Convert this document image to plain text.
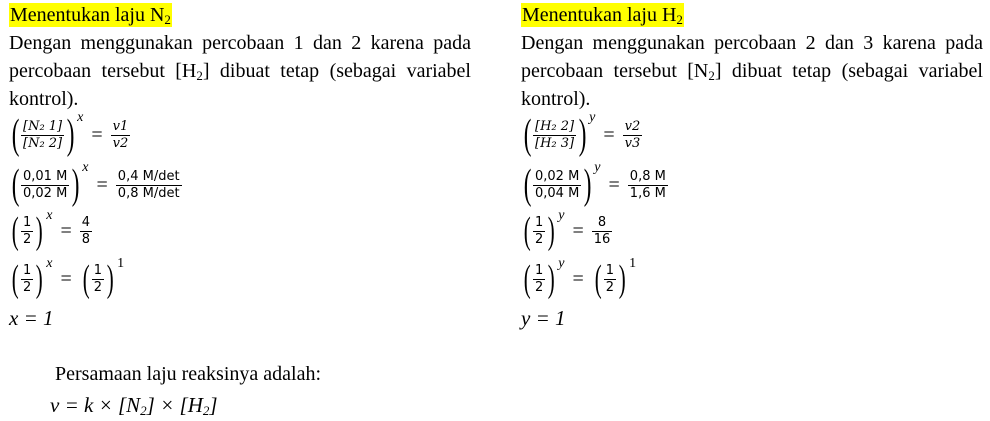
Menentukan laju $N_2$

Dengan menggunakan percobaan 1 dan 2 karena pada percobaan tersebut $[H_2]$ dibuat tetap (sebagai variabel kontrol).

( $\frac{\text{[N₂ 1]}}{\text{[N₂ 2]}}$ ) x
= $\frac{v1}{v2}$
( $\frac{0,01 M}{0,02 M}$ ) x
= $\frac{0,4 M/\det}{0,8 M/\det}$
( $\frac{1}{2}$ ) x
= $\frac{4}{8}$
( $\frac{1}{2}$ ) x
= ( $\frac{1}{2}$ ) 1
x = 1
Menentukan laju $H_2$

Dengan menggunakan percobaan 2 dan 3 karena pada percobaan tersebut $[N_2]$ dibuat tetap (sebagai variabel kontrol).

( $\frac{\text{[H₂ 2]}}{\text{[H₂ 3]}}$ ) y
= $\frac{v2}{v3}$
( $\frac{0,02 M}{0,04 M}$ ) y
= $\frac{0,8 M}{1,6 M}$
( $\frac{1}{2}$ ) y
= $\frac{8}{16}$
( $\frac{1}{2}$ ) y
= ( $\frac{1}{2}$ ) 1
y = 1
Persamaan laju reaksinya adalah:
$v = k \times [N_2] \times [H_2]$
